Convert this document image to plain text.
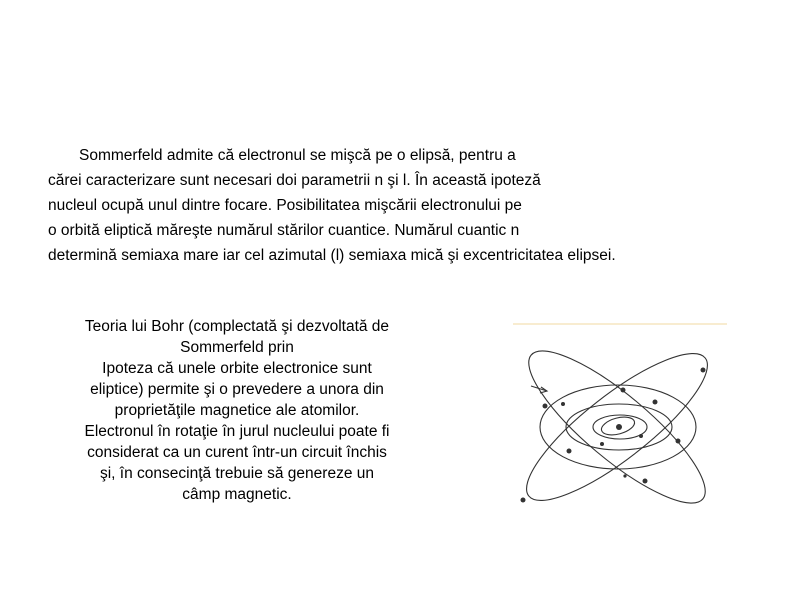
Sommerfeld admite că electronul se mişcă pe o elipsă, pentru a
cărei caracterizare sunt necesari doi parametrii n şi l. În această ipoteză
nucleul ocupă unul dintre focare. Posibilitatea mişcării electronului pe
o orbită eliptică măreşte numărul stărilor cuantice. Numărul cuantic n
determină semiaxa mare iar cel azimutal (l) semiaxa mică şi excentricitatea elipsei.
Teoria lui Bohr (complectată şi dezvoltată de
Sommerfeld prin
Ipoteza că unele orbite electronice sunt
eliptice) permite şi o prevedere a unora din
proprietăţile magnetice ale atomilor.
Electronul în rotaţie în jurul nucleului poate fi
considerat ca un curent într-un circuit închis
şi, în consecinţă trebuie să genereze un
câmp magnetic.
